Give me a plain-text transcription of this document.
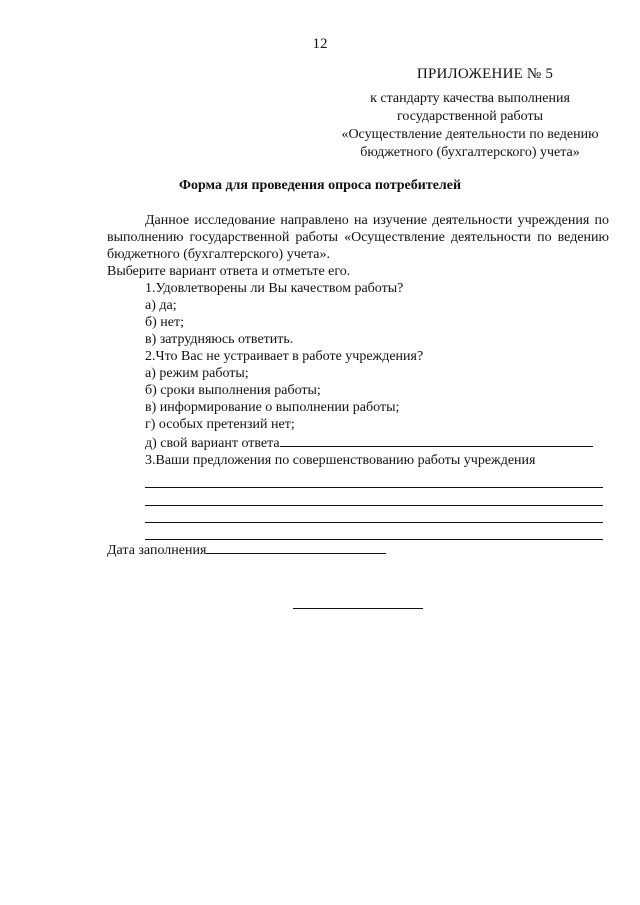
12
ПРИЛОЖЕНИЕ № 5
к стандарту качества выполнения
государственной работы
«Осуществление деятельности по ведению
бюджетного (бухгалтерского) учета»
Форма для проведения опроса потребителей
Данное исследование направлено на изучение деятельности учреждения по выполнению государственной работы «Осуществление деятельности по ведению бюджетного (бухгалтерского) учета».
Выберите вариант ответа и отметьте его.
1.Удовлетворены ли Вы качеством работы?
а) да;
б) нет;
в) затрудняюсь ответить.
2.Что Вас не устраивает в работе учреждения?
а) режим работы;
б) сроки выполнения работы;
в) информирование о выполнении работы;
г) особых претензий нет;
д) свой вариант ответа
3.Ваши предложения по совершенствованию работы учреждения
Дата заполнения
